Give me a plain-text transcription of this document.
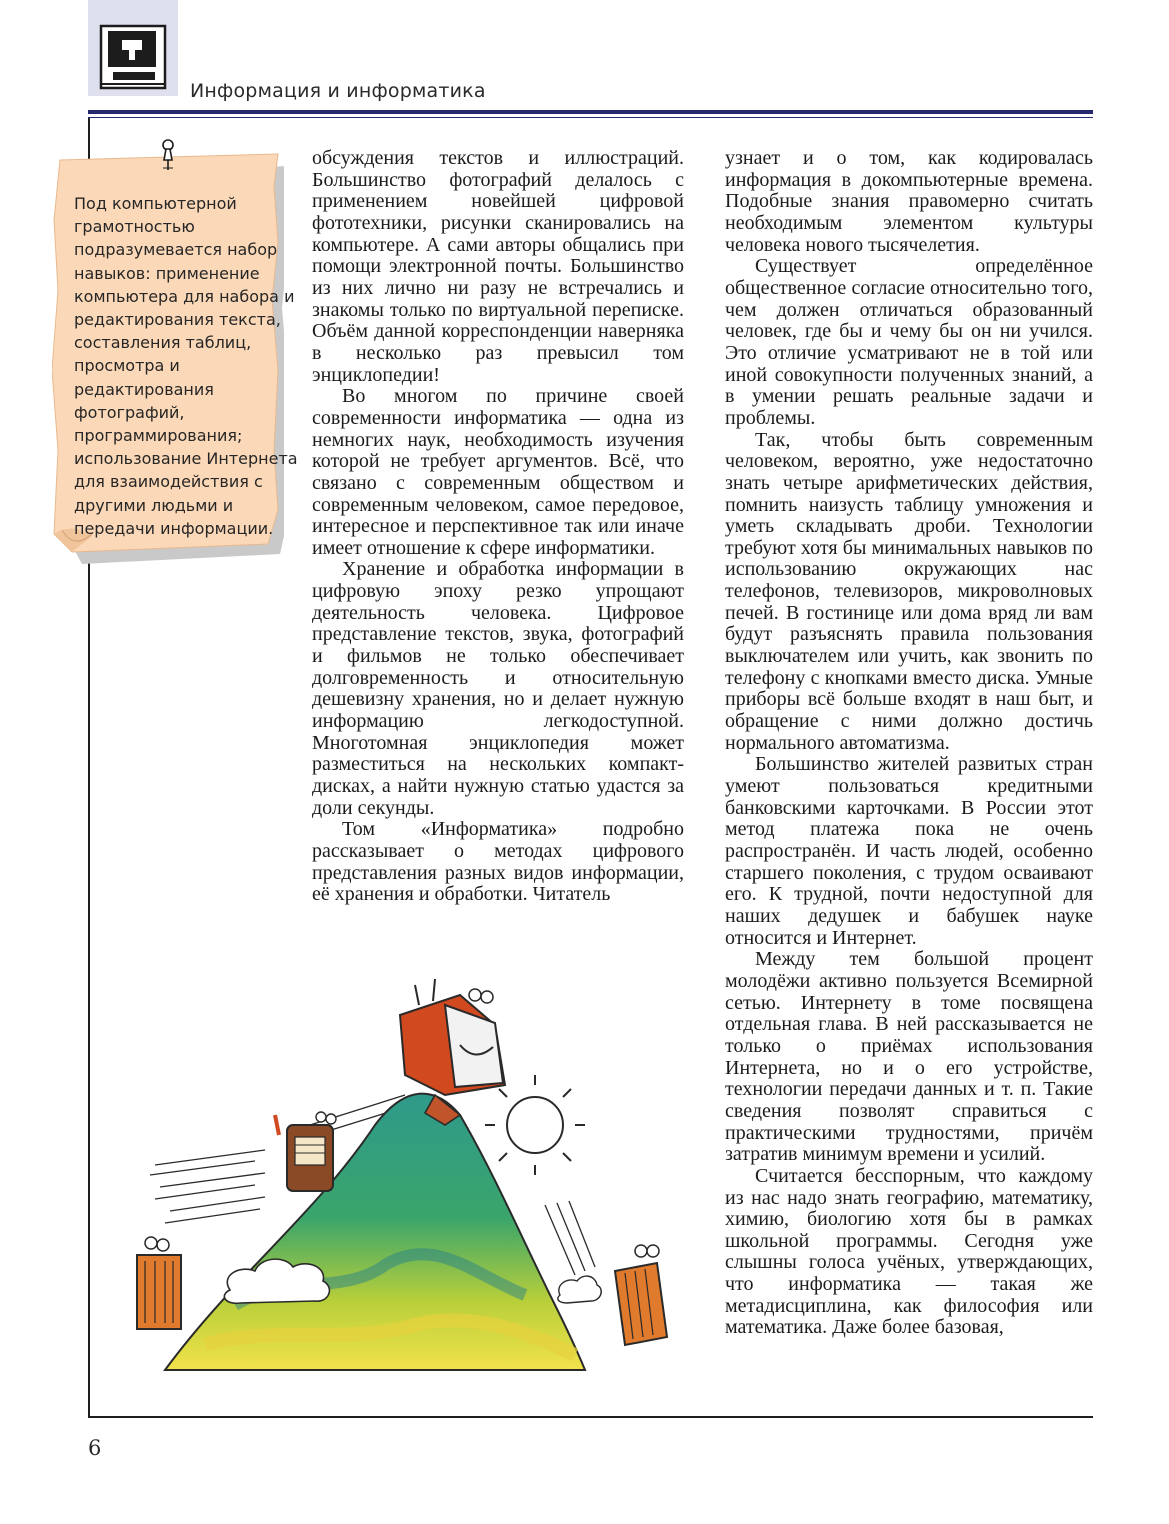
Информация и информатика

Под компьютерной грамотностью подразумевается набор навыков: применение компьютера для набора и редактирования текста, составления таблиц, просмотра и редактирования фотографий, программирования; использование Интернета для взаимодействия с другими людьми и передачи информации.

обсуждения текстов и иллюстраций. Большинство фотографий делалось с применением новейшей цифровой фототехники, рисунки сканировались на компьютере. А сами авторы общались при помощи электронной почты. Большинство из них лично ни разу не встречались и знакомы только по виртуальной переписке. Объём данной корреспонденции наверняка в несколько раз превысил том энциклопедии!

Во многом по причине своей современности информатика — одна из немногих наук, необходимость изучения которой не требует аргументов. Всё, что связано с современным обществом и современным человеком, самое передовое, интересное и перспективное так или иначе имеет отношение к сфере информатики.

Хранение и обработка информации в цифровую эпоху резко упрощают деятельность человека. Цифровое представление текстов, звука, фотографий и фильмов не только обеспечивает долговременность и относительную дешевизну хранения, но и делает нужную информацию легкодоступной. Многотомная энциклопедия может разместиться на нескольких компакт-дисках, а найти нужную статью удастся за доли секунды.

Том «Информатика» подробно рассказывает о методах цифрового представления разных видов информации, её хранения и обработки. Читатель

узнает и о том, как кодировалась информация в докомпьютерные времена. Подобные знания правомерно считать необходимым элементом культуры человека нового тысячелетия.

Существует определённое общественное согласие относительно того, чем должен отличаться образованный человек, где бы и чему бы он ни учился. Это отличие усматривают не в той или иной совокупности полученных знаний, а в умении решать реальные задачи и проблемы.

Так, чтобы быть современным человеком, вероятно, уже недостаточно знать четыре арифметических действия, помнить наизусть таблицу умножения и уметь складывать дроби. Технологии требуют хотя бы минимальных навыков по использованию окружающих нас телефонов, телевизоров, микроволновых печей. В гостинице или дома вряд ли вам будут разъяснять правила пользования выключателем или учить, как звонить по телефону с кнопками вместо диска. Умные приборы всё больше входят в наш быт, и обращение с ними должно достичь нормального автоматизма.

Большинство жителей развитых стран умеют пользоваться кредитными банковскими карточками. В России этот метод платежа пока не очень распространён. И часть людей, особенно старшего поколения, с трудом осваивают его. К трудной, почти недоступной для наших дедушек и бабушек науке относится и Интернет.

Между тем большой процент молодёжи активно пользуется Всемирной сетью. Интернету в томе посвящена отдельная глава. В ней рассказывается не только о приёмах использования Интернета, но и о его устройстве, технологии передачи данных и т. п. Такие сведения позволят справиться с практическими трудностями, причём затратив минимум времени и усилий.

Считается бесспорным, что каждому из нас надо знать географию, математику, химию, биологию хотя бы в рамках школьной программы. Сегодня уже слышны голоса учёных, утверждающих, что информатика — такая же метадисциплина, как философия или математика. Даже более базовая,

6
